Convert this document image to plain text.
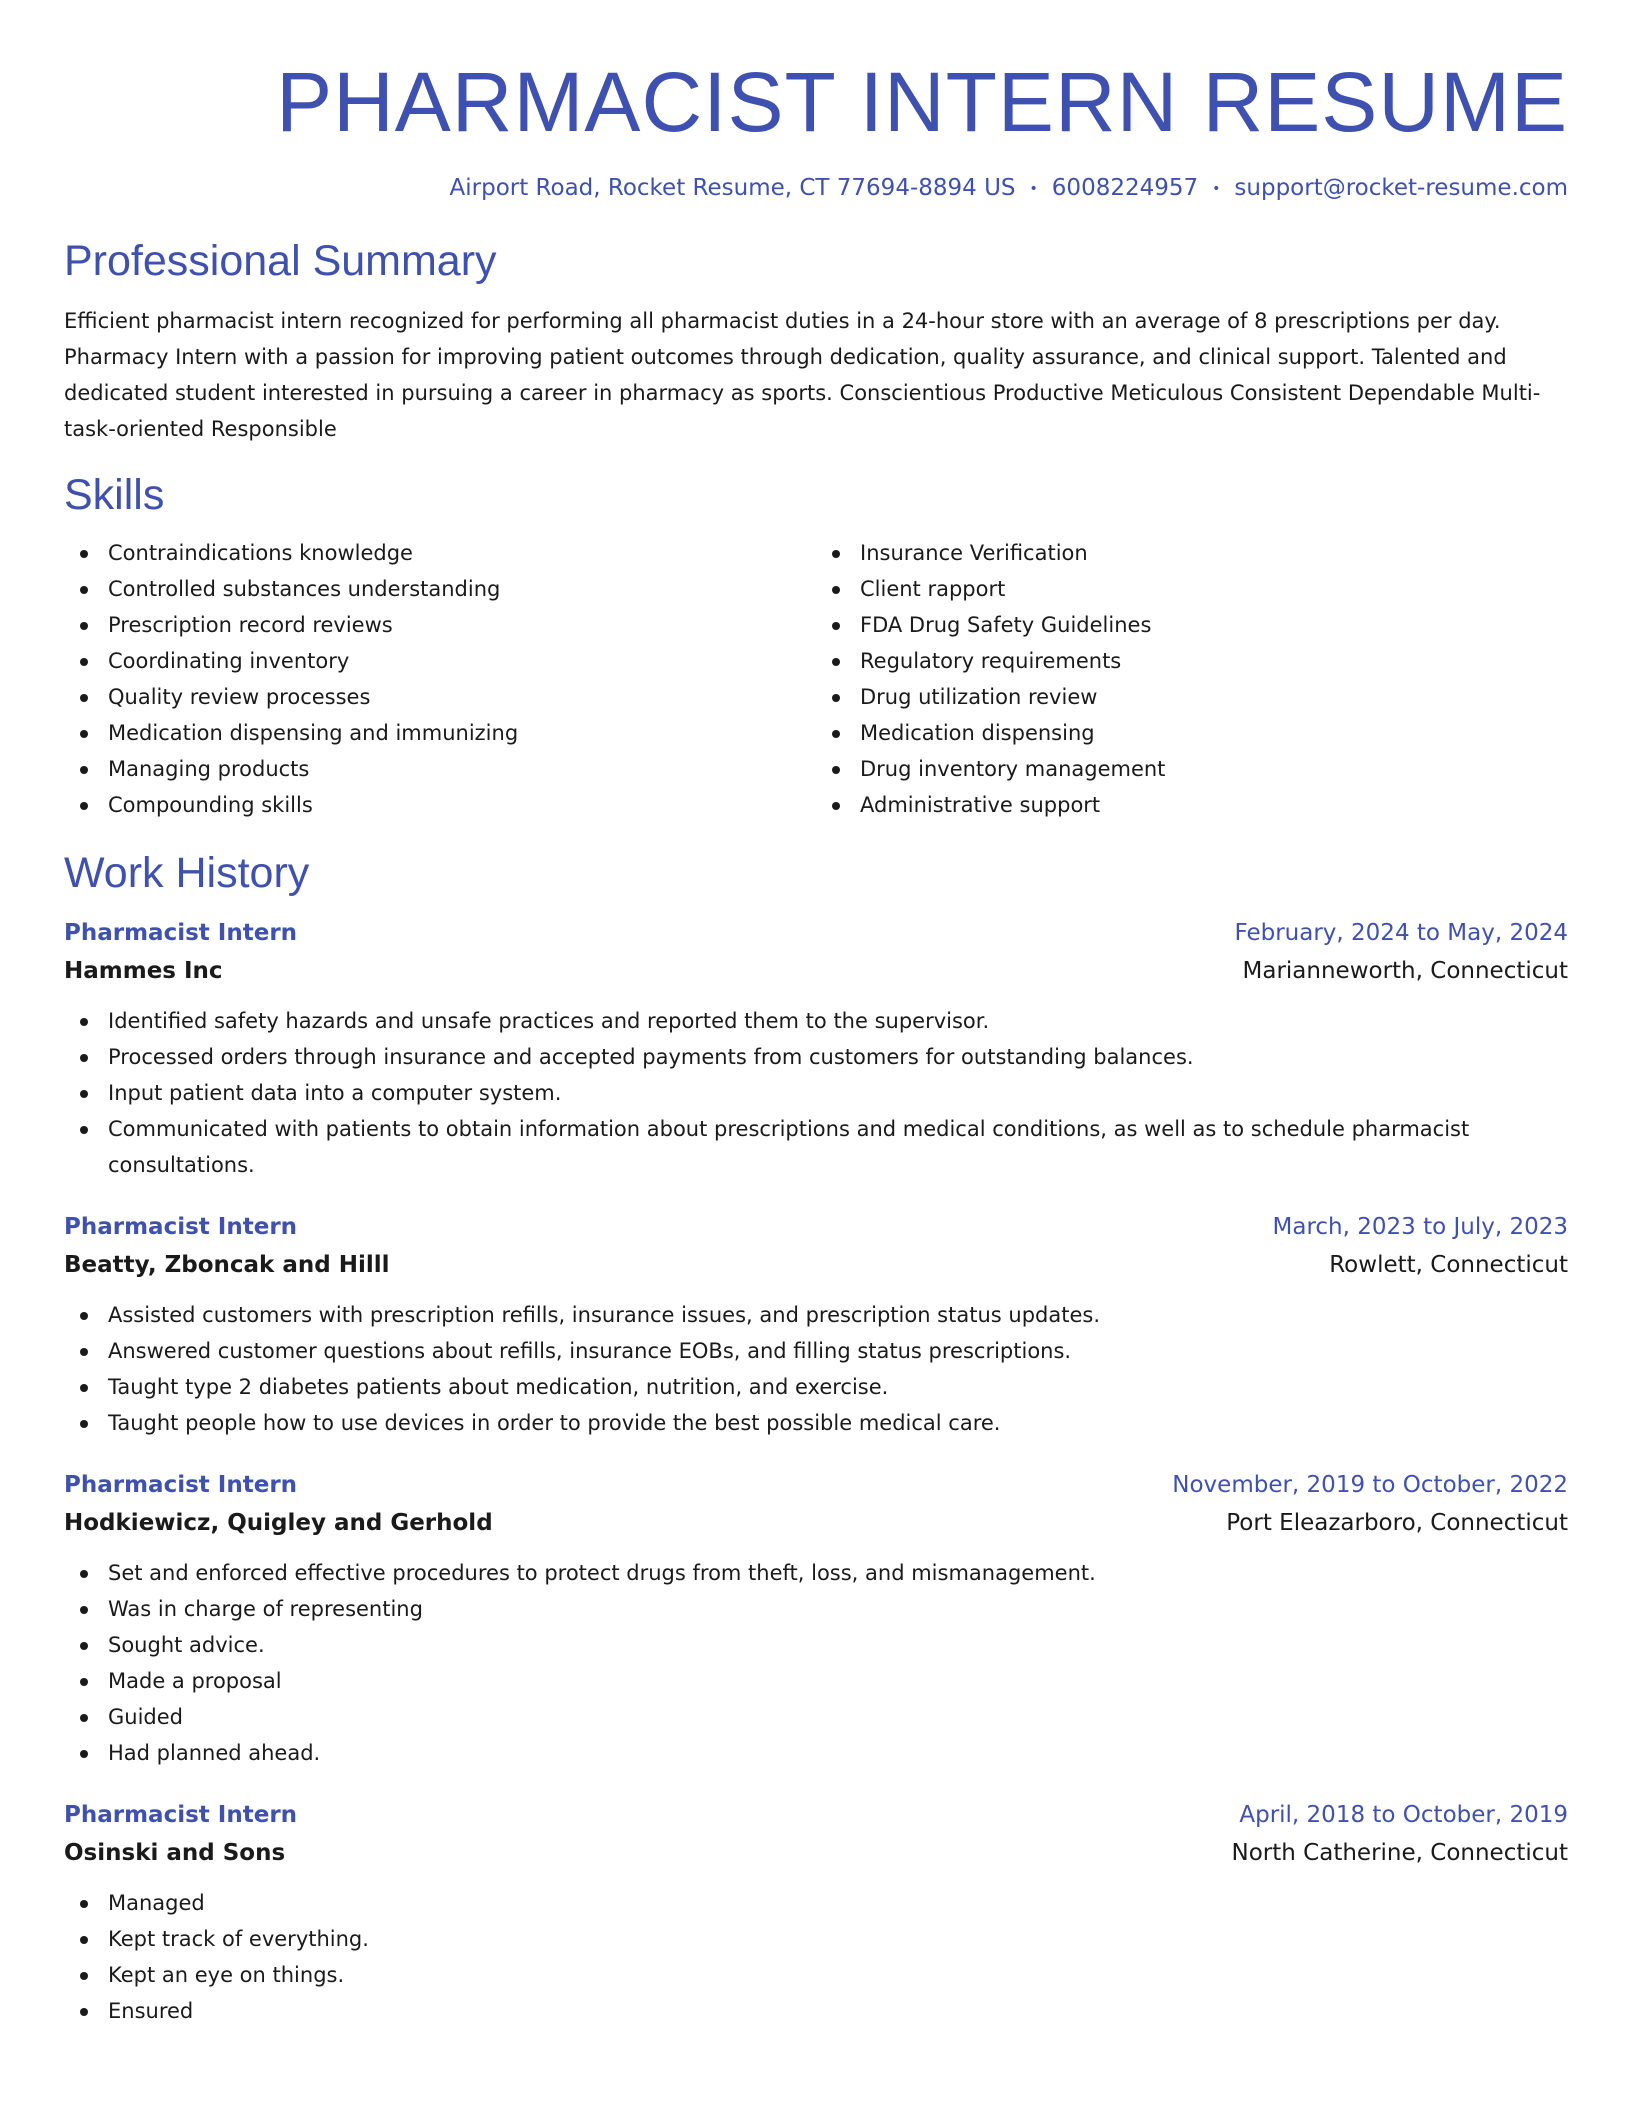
PHARMACIST INTERN RESUME
Airport Road, Rocket Resume, CT 77694-8894 US • 6008224957 • support@rocket-resume.com
Professional Summary
Efficient pharmacist intern recognized for performing all pharmacist duties in a 24-hour store with an average of 8 prescriptions per day. Pharmacy Intern with a passion for improving patient outcomes through dedication, quality assurance, and clinical support. Talented and dedicated student interested in pursuing a career in pharmacy as sports. Conscientious Productive Meticulous Consistent Dependable Multi-task-oriented Responsible
Skills
Contraindications knowledge
Controlled substances understanding
Prescription record reviews
Coordinating inventory
Quality review processes
Medication dispensing and immunizing
Managing products
Compounding skills
Insurance Verification
Client rapport
FDA Drug Safety Guidelines
Regulatory requirements
Drug utilization review
Medication dispensing
Drug inventory management
Administrative support
Work History
Pharmacist Intern	February, 2024 to May, 2024
Hammes Inc	Marianneworth, Connecticut
Identified safety hazards and unsafe practices and reported them to the supervisor.
Processed orders through insurance and accepted payments from customers for outstanding balances.
Input patient data into a computer system.
Communicated with patients to obtain information about prescriptions and medical conditions, as well as to schedule pharmacist consultations.
Pharmacist Intern	March, 2023 to July, 2023
Beatty, Zboncak and Hilll	Rowlett, Connecticut
Assisted customers with prescription refills, insurance issues, and prescription status updates.
Answered customer questions about refills, insurance EOBs, and filling status prescriptions.
Taught type 2 diabetes patients about medication, nutrition, and exercise.
Taught people how to use devices in order to provide the best possible medical care.
Pharmacist Intern	November, 2019 to October, 2022
Hodkiewicz, Quigley and Gerhold	Port Eleazarboro, Connecticut
Set and enforced effective procedures to protect drugs from theft, loss, and mismanagement.
Was in charge of representing
Sought advice.
Made a proposal
Guided
Had planned ahead.
Pharmacist Intern	April, 2018 to October, 2019
Osinski and Sons	North Catherine, Connecticut
Managed
Kept track of everything.
Kept an eye on things.
Ensured
